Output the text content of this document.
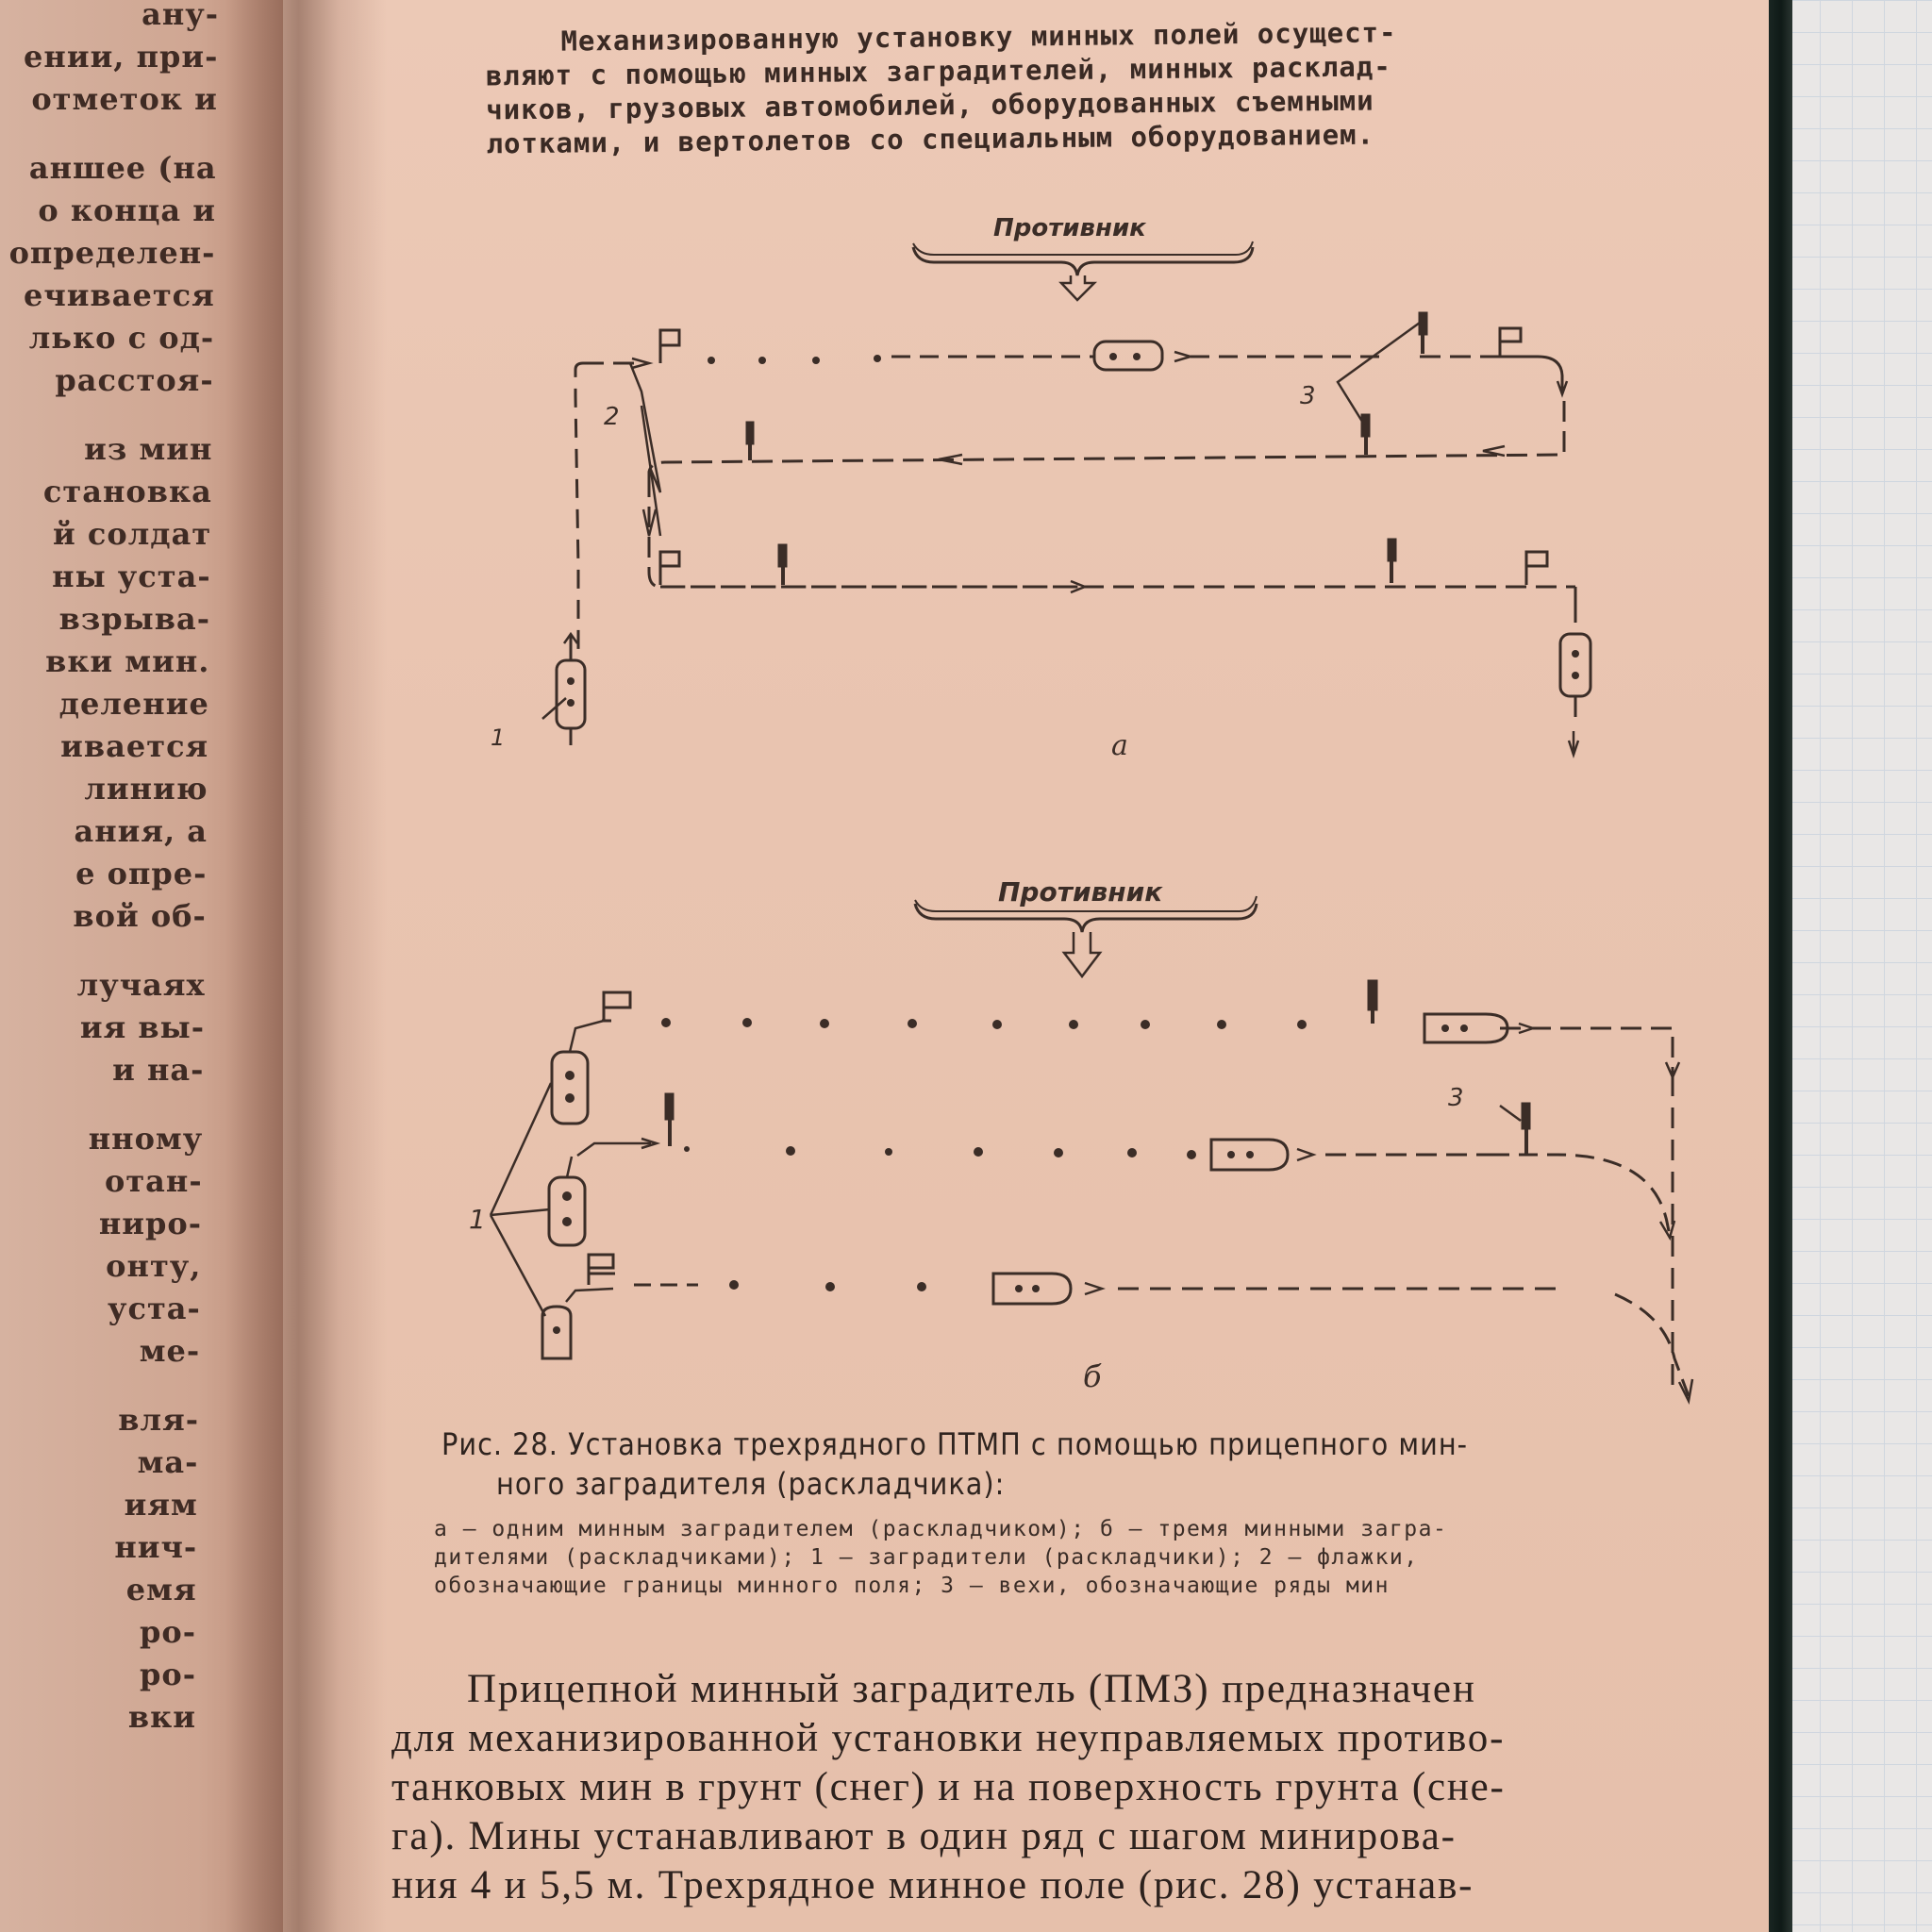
ану-
ении, при-
отметок и
аншее (на
о конца и
определен-
ечивается
лько с од-
расстоя-
из мин
становка
й солдат
ны уста-
взрыва-
вки мин.
деление
ивается
линию
ания, а
е опре-
вой об-
лучаях
ия вы-
и на-
нному
отан-
ниро-
онту,
уста-
ме-
вля-
ма-
иям
нич-
емя
ро-
ро-
вки
Механизированную установку минных полей осущест-
вляют с помощью минных заградителей, минных расклад-
чиков, грузовых автомобилей, оборудованных съемными
лотками, и вертолетов со специальным оборудованием.
Противник
Противник
а
б
1
2
3
1
3
Рис. 28. Установка трехрядного ПТМП с помощью прицепного мин-
ного заградителя (раскладчика):
а — одним минным заградителем (раскладчиком); б — тремя минными загра-
дителями (раскладчиками); 1 — заградители (раскладчики); 2 — флажки,
обозначающие границы минного поля; 3 — вехи, обозначающие ряды мин
Прицепной минный заградитель (ПМЗ) предназначен
для механизированной установки неуправляемых противо-
танковых мин в грунт (снег) и на поверхность грунта (сне-
га). Мины устанавливают в один ряд с шагом минирова-
ния 4 и 5,5 м. Трехрядное минное поле (рис. 28) устанав-
